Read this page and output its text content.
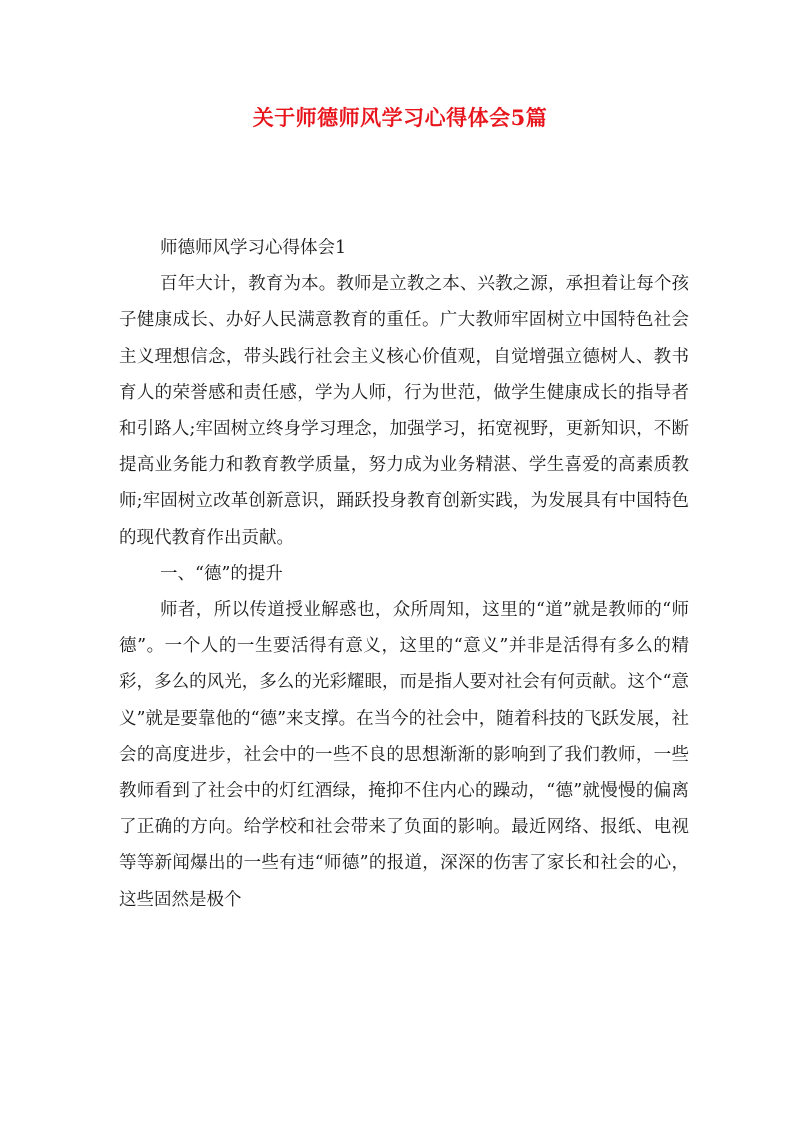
关于师德师风学习心得体会5篇

师德师风学习心得体会1

百年大计，教育为本。教师是立教之本、兴教之源，承担着让每个孩子健康成长、办好人民满意教育的重任。广大教师牢固树立中国特色社会主义理想信念，带头践行社会主义核心价值观，自觉增强立德树人、教书育人的荣誉感和责任感，学为人师，行为世范，做学生健康成长的指导者和引路人;牢固树立终身学习理念，加强学习，拓宽视野，更新知识，不断提高业务能力和教育教学质量，努力成为业务精湛、学生喜爱的高素质教师;牢固树立改革创新意识，踊跃投身教育创新实践，为发展具有中国特色的现代教育作出贡献。

一、“德”的提升

师者，所以传道授业解惑也，众所周知，这里的“道”就是教师的“师德”。一个人的一生要活得有意义，这里的“意义”并非是活得有多么的精彩，多么的风光，多么的光彩耀眼，而是指人要对社会有何贡献。这个“意义”就是要靠他的“德”来支撑。在当今的社会中，随着科技的飞跃发展，社会的高度进步，社会中的一些不良的思想渐渐的影响到了我们教师，一些教师看到了社会中的灯红酒绿，掩抑不住内心的躁动，“德”就慢慢的偏离了正确的方向。给学校和社会带来了负面的影响。最近网络、报纸、电视等等新闻爆出的一些有违“师德”的报道，深深的伤害了家长和社会的心，这些固然是极个
